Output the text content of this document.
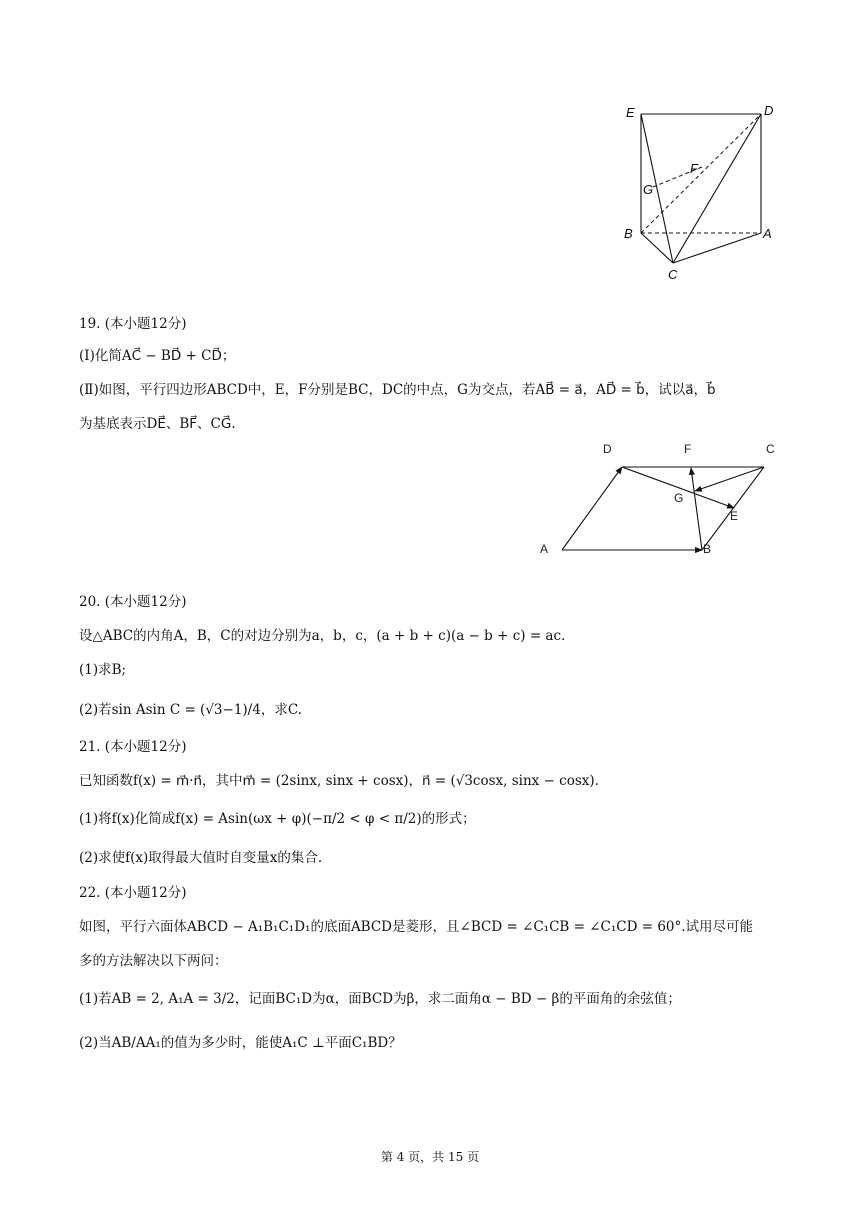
E	D
F
G
B	A
C

19. (本小题12分)

(Ⅰ)化简AC⃗ − BD⃗ + CD⃗；

(Ⅱ)如图，平行四边形ABCD中，E，F分别是BC，DC的中点，G为交点，若AB⃗ = a⃗，AD⃗ = b⃗，试以a⃗，b⃗

为基底表示DE⃗、BF⃗、CG⃗.

D	F	C
G
E
A	B

20. (本小题12分)

设△ABC的内角A，B，C的对边分别为a，b，c，(a + b + c)(a − b + c) = ac.

(1)求B;

(2)若sin Asin C = (√3−1)/4，求C.

21. (本小题12分)

已知函数f(x) = m⃗·n⃗，其中m⃗ = (2sinx, sinx + cosx)，n⃗ = (√3cosx, sinx − cosx).

(1)将f(x)化简成f(x) = Asin(ωx + φ)(−π/2 < φ < π/2)的形式；

(2)求使f(x)取得最大值时自变量x的集合.

22. (本小题12分)

如图，平行六面体ABCD − A₁B₁C₁D₁的底面ABCD是菱形，且∠BCD = ∠C₁CB = ∠C₁CD = 60°.试用尽可能

多的方法解决以下两问：

(1)若AB = 2, A₁A = 3/2，记面BC₁D为α，面BCD为β，求二面角α − BD − β的平面角的余弦值；

(2)当AB/AA₁的值为多少时，能使A₁C ⊥平面C₁BD？

第 4 页，共 15 页
